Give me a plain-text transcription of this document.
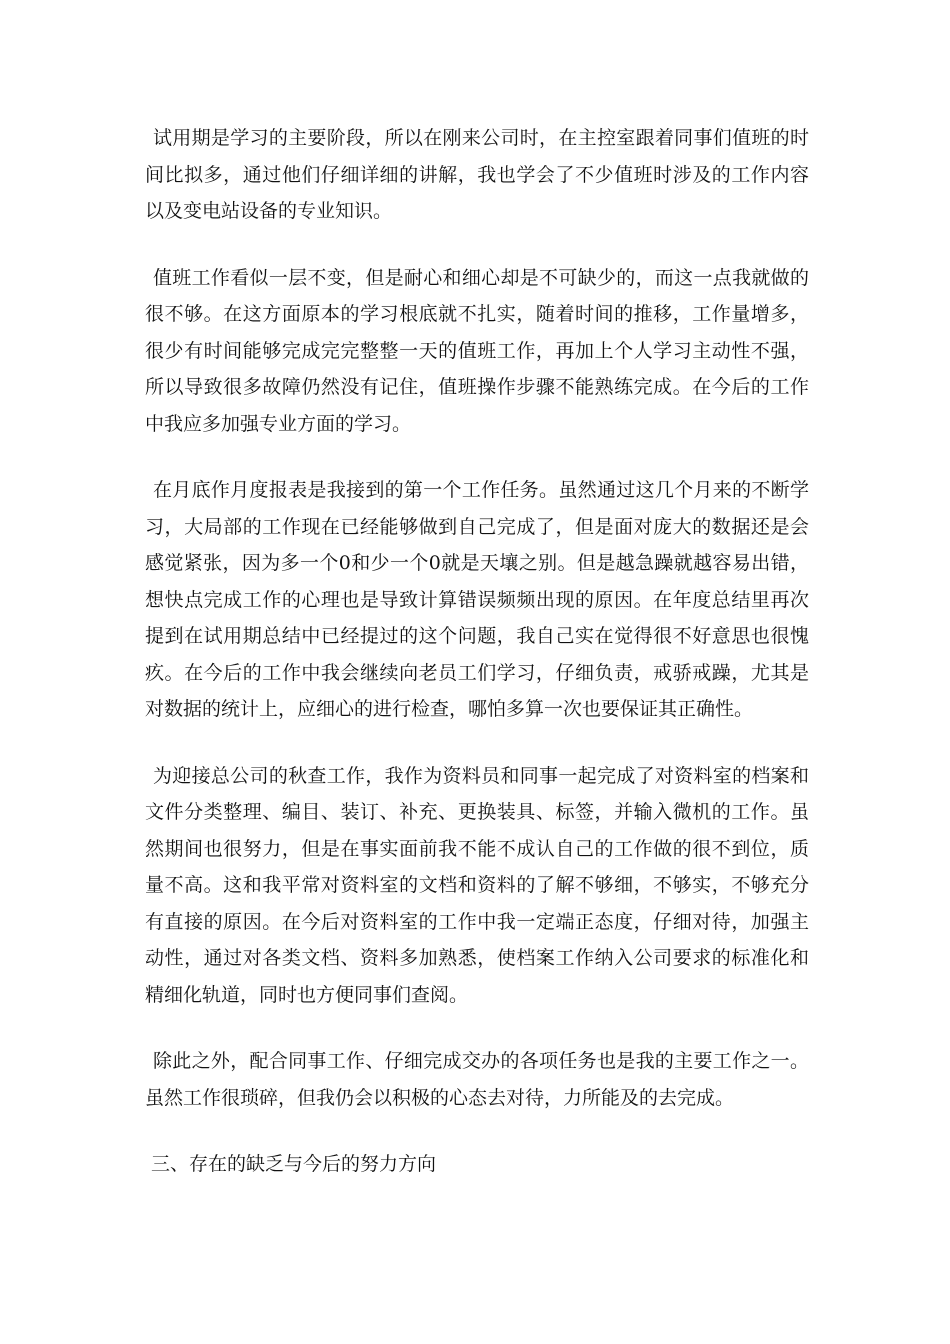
试用期是学习的主要阶段，所以在刚来公司时，在主控室跟着同事们值班的时间比拟多，通过他们仔细详细的讲解，我也学会了不少值班时涉及的工作内容以及变电站设备的专业知识。

值班工作看似一层不变，但是耐心和细心却是不可缺少的，而这一点我就做的很不够。在这方面原本的学习根底就不扎实，随着时间的推移，工作量增多，很少有时间能够完成完完整整一天的值班工作，再加上个人学习主动性不强，所以导致很多故障仍然没有记住，值班操作步骤不能熟练完成。在今后的工作中我应多加强专业方面的学习。

在月底作月度报表是我接到的第一个工作任务。虽然通过这几个月来的不断学习，大局部的工作现在已经能够做到自己完成了，但是面对庞大的数据还是会感觉紧张，因为多一个0和少一个0就是天壤之别。但是越急躁就越容易出错，想快点完成工作的心理也是导致计算错误频频出现的原因。在年度总结里再次提到在试用期总结中已经提过的这个问题，我自己实在觉得很不好意思也很愧疚。在今后的工作中我会继续向老员工们学习，仔细负责，戒骄戒躁，尤其是对数据的统计上，应细心的进行检查，哪怕多算一次也要保证其正确性。

为迎接总公司的秋查工作，我作为资料员和同事一起完成了对资料室的档案和文件分类整理、编目、装订、补充、更换装具、标签，并输入微机的工作。虽然期间也很努力，但是在事实面前我不能不成认自己的工作做的很不到位，质量不高。这和我平常对资料室的文档和资料的了解不够细，不够实，不够充分有直接的原因。在今后对资料室的工作中我一定端正态度，仔细对待，加强主动性，通过对各类文档、资料多加熟悉，使档案工作纳入公司要求的标准化和精细化轨道，同时也方便同事们查阅。

除此之外，配合同事工作、仔细完成交办的各项任务也是我的主要工作之一。虽然工作很琐碎，但我仍会以积极的心态去对待，力所能及的去完成。

三、存在的缺乏与今后的努力方向
